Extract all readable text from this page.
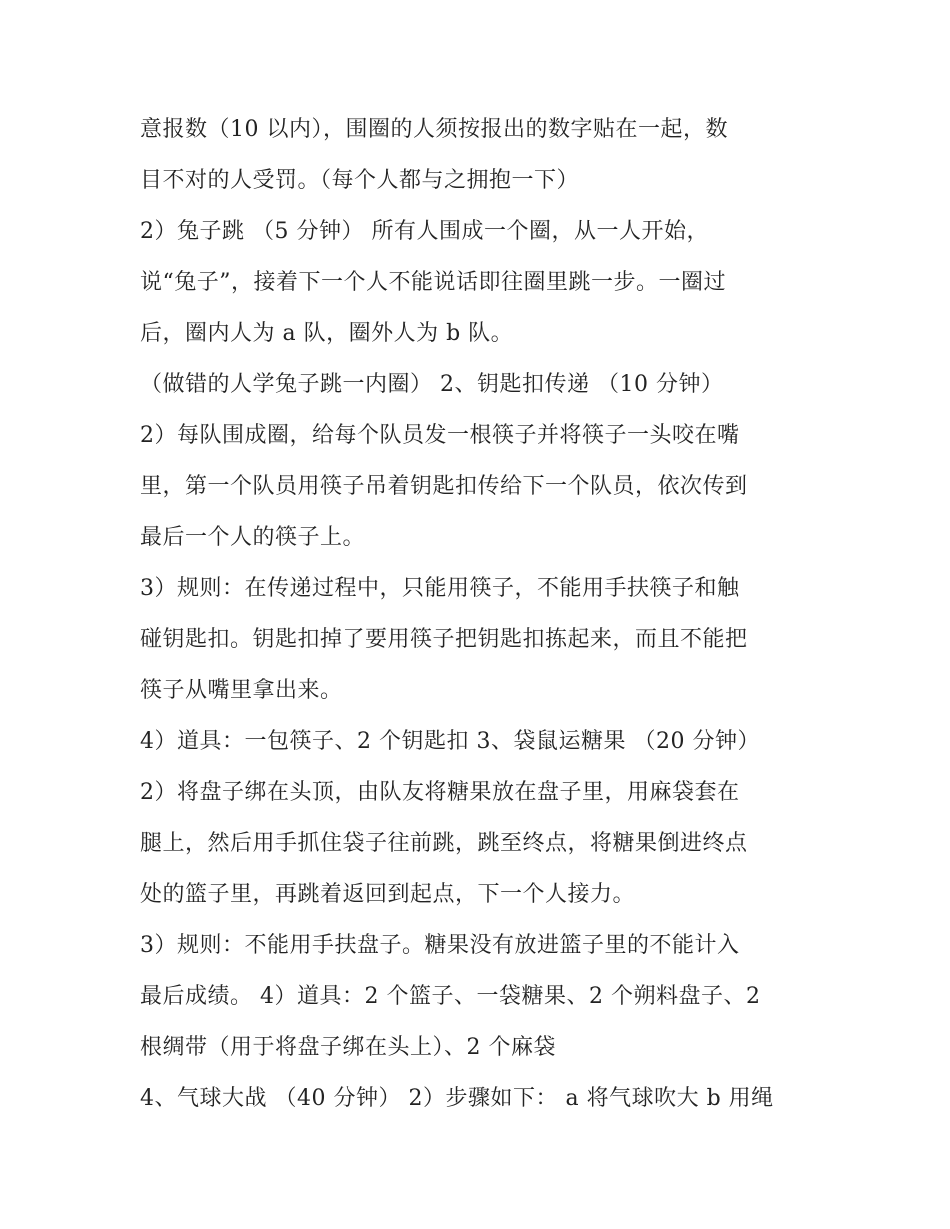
意报数（10 以内），围圈的人须按报出的数字贴在一起，数
目不对的人受罚。（每个人都与之拥抱一下）
2）兔子跳 （5 分钟） 所有人围成一个圈，从一人开始，
说“兔子”，接着下一个人不能说话即往圈里跳一步。一圈过
后，圈内人为 a 队，圈外人为 b 队。
（做错的人学兔子跳一内圈） 2、钥匙扣传递 （10 分钟）
2）每队围成圈，给每个队员发一根筷子并将筷子一头咬在嘴
里，第一个队员用筷子吊着钥匙扣传给下一个队员，依次传到
最后一个人的筷子上。
3）规则：在传递过程中，只能用筷子，不能用手扶筷子和触
碰钥匙扣。钥匙扣掉了要用筷子把钥匙扣拣起来，而且不能把
筷子从嘴里拿出来。
4）道具：一包筷子、2 个钥匙扣 3、袋鼠运糖果 （20 分钟）
2）将盘子绑在头顶，由队友将糖果放在盘子里，用麻袋套在
腿上，然后用手抓住袋子往前跳，跳至终点，将糖果倒进终点
处的篮子里，再跳着返回到起点，下一个人接力。
3）规则：不能用手扶盘子。糖果没有放进篮子里的不能计入
最后成绩。 4）道具：2 个篮子、一袋糖果、2 个朔料盘子、2
根绸带（用于将盘子绑在头上）、2 个麻袋
4、气球大战 （40 分钟） 2）步骤如下： a 将气球吹大 b 用绳
